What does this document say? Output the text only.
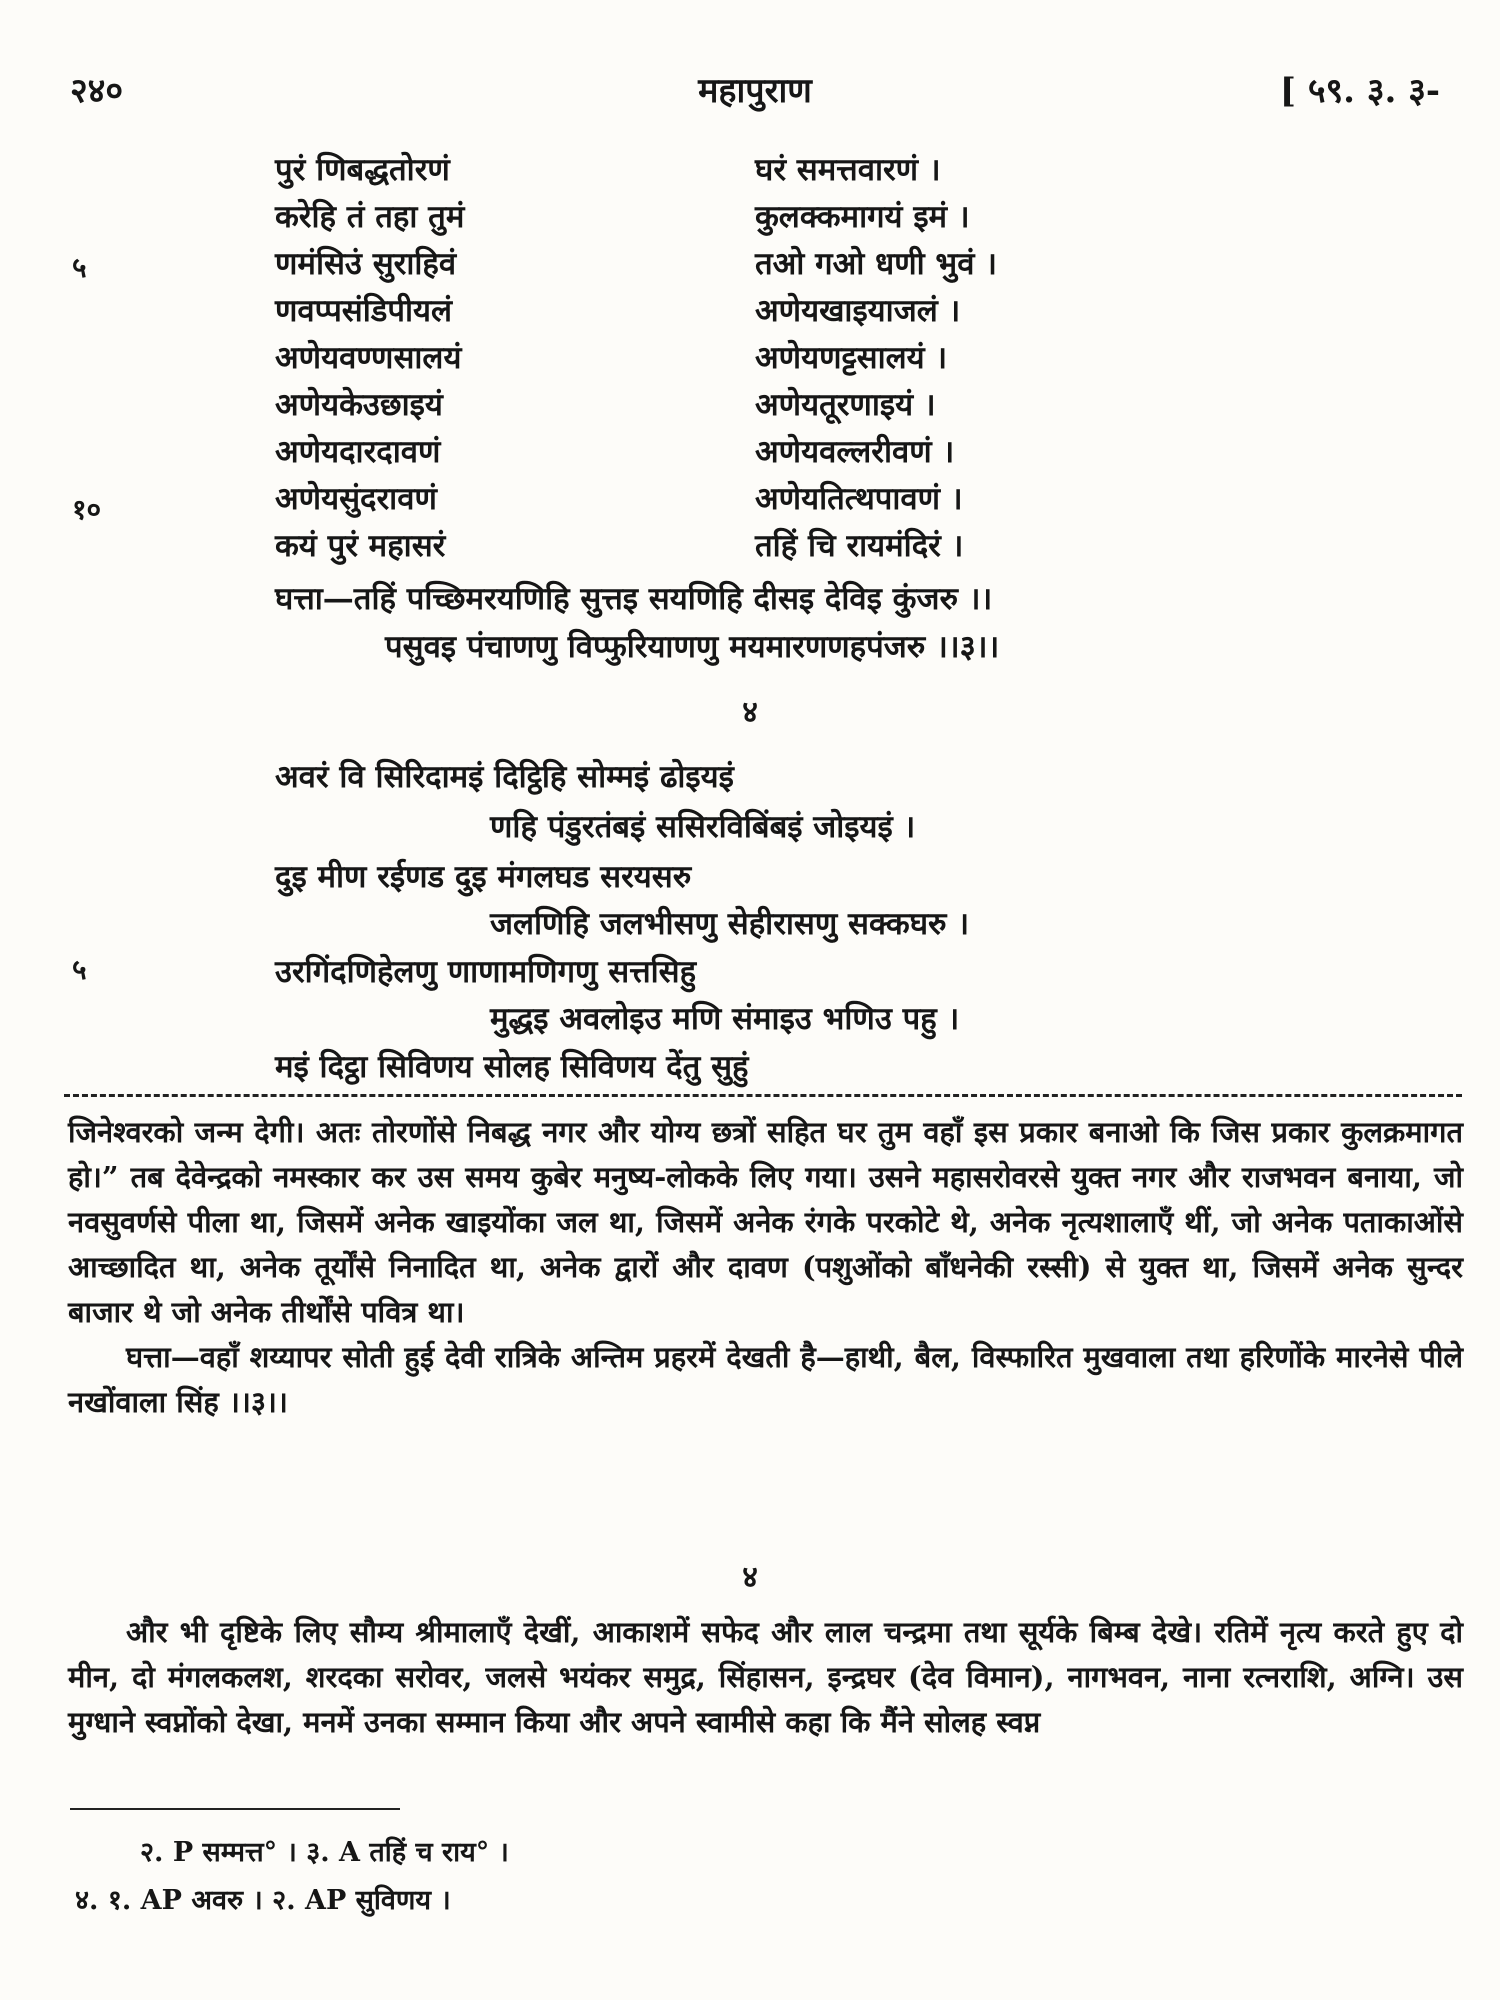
२४०	महापुराण	[ ५९. ३. ३-
५
१०
पुरं णिबद्धतोरणं	घरं समत्तवारणं ।
करेहि तं तहा तुमं	कुलक्कमागयं इमं ।
णमंसिउं सुराहिवं	तओ गओ धणी भुवं ।
णवप्पसंडिपीयलं	अणेयखाइयाजलं ।
अणेयवण्णसालयं	अणेयणट्टसालयं ।
अणेयकेउछाइयं	अणेयतूरणाइयं ।
अणेयदारदावणं	अणेयवल्लरीवणं ।
अणेयसुंदरावणं	अणेयतित्थपावणं ।
कयं पुरं महासरं	तहिं चि रायमंदिरं ।
घत्ता—तहिं पच्छिमरयणिहि सुत्तइ सयणिहि दीसइ देविइ कुंजरु ।।
पसुवइ पंचाणणु विप्फुरियाणणु मयमारणणहपंजरु ।।३।।
४
५
अवरं वि सिरिदामइं दिट्ठिहि सोम्मइं ढोइयइं
णहि पंडुरतंबइं ससिरविबिंबइं जोइयइं ।
दुइ मीण रईणड दुइ मंगलघड सरयसरु
जलणिहि जलभीसणु सेहीरासणु सक्कघरु ।
उरगिंदणिहेलणु णाणामणिगणु सत्तसिहु
मुद्धइ अवलोइउ मणि संमाइउ भणिउ पहु ।
मइं दिट्ठा सिविणय सोलह सिविणय देंतु सुहुं

जिनेश्वरको जन्म देगी। अतः तोरणोंसे निबद्ध नगर और योग्य छत्रों सहित घर तुम वहाँ इस प्रकार बनाओ कि जिस प्रकार कुलक्रमागत हो।” तब देवेन्द्रको नमस्कार कर उस समय कुबेर मनुष्य-लोकके लिए गया। उसने महासरोवरसे युक्त नगर और राजभवन बनाया, जो नवसुवर्णसे पीला था, जिसमें अनेक खाइयोंका जल था, जिसमें अनेक रंगके परकोटे थे, अनेक नृत्यशालाएँ थीं, जो अनेक पताकाओंसे आच्छादित था, अनेक तूर्योंसे निनादित था, अनेक द्वारों और दावण (पशुओंको बाँधनेकी रस्सी) से युक्त था, जिसमें अनेक सुन्दर बाजार थे जो अनेक तीर्थोंसे पवित्र था।

घत्ता—वहाँ शय्यापर सोती हुई देवी रात्रिके अन्तिम प्रहरमें देखती है—हाथी, बैल, विस्फारित मुखवाला तथा हरिणोंके मारनेसे पीले नखोंवाला सिंह ।।३।।

४

और भी दृष्टिके लिए सौम्य श्रीमालाएँ देखीं, आकाशमें सफेद और लाल चन्द्रमा तथा सूर्यके बिम्ब देखे। रतिमें नृत्य करते हुए दो मीन, दो मंगलकलश, शरदका सरोवर, जलसे भयंकर समुद्र, सिंहासन, इन्द्रघर (देव विमान), नागभवन, नाना रत्नराशि, अग्नि। उस मुग्धाने स्वप्नोंको देखा, मनमें उनका सम्मान किया और अपने स्वामीसे कहा कि मैंने सोलह स्वप्न

२. P सम्मत्त° । ३. A तहिं च राय° ।
४. १. AP अवरु । २. AP सुविणय ।
